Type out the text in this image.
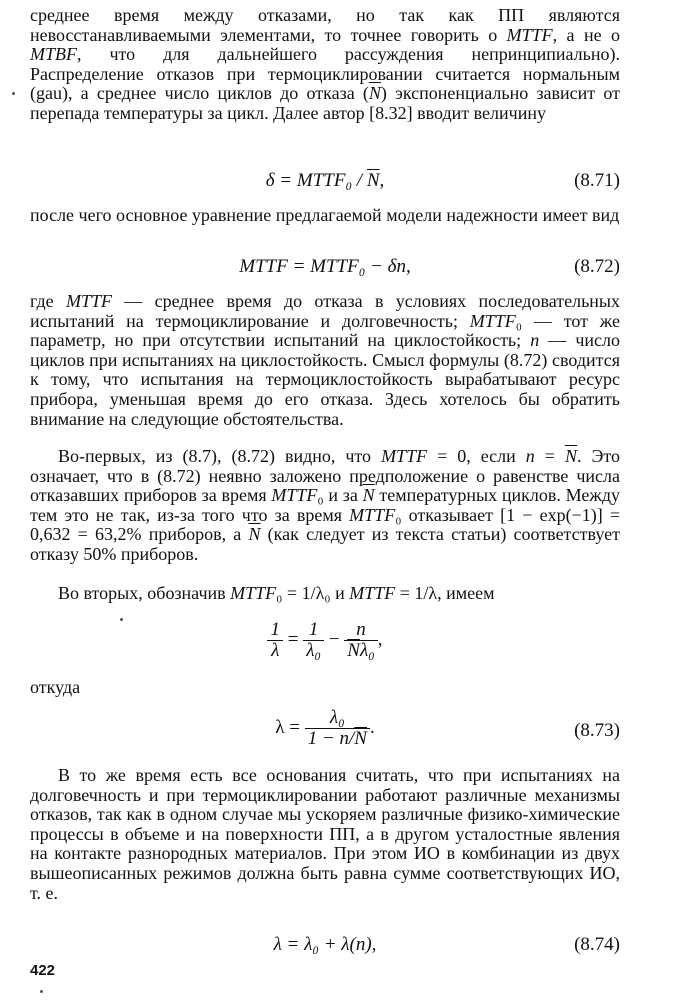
среднее время между отказами, но так как ПП являются невосстанавливаемыми элементами, то точнее говорить о MTTF, а не о MTBF, что для дальнейшего рассуждения непринципиально). Распределение отказов при термоциклировании считается нормальным (gau), а среднее число циклов до отказа $(\overline{N})$ экспоненциально зависит от перепада температуры за цикл. Далее автор [8.32] вводит величину

δ = MTTF₀ / $\overline{N}$,	(8.71)

после чего основное уравнение предлагаемой модели надежности имеет вид

MTTF = MTTF₀ − δn,	(8.72)

где MTTF — среднее время до отказа в условиях последовательных испытаний на термоциклирование и долговечность; MTTF₀ — тот же параметр, но при отсутствии испытаний на циклостойкость; n — число циклов при испытаниях на циклостойкость. Смысл формулы (8.72) сводится к тому, что испытания на термоциклостойкость вырабатывают ресурс прибора, уменьшая время до его отказа. Здесь хотелось бы обратить внимание на следующие обстоятельства.

Во-первых, из (8.7), (8.72) видно, что MTTF = 0, если $n = \overline{N}$. Это означает, что в (8.72) неявно заложено предположение о равенстве числа отказавших приборов за время MTTF₀ и за $\overline{N}$ температурных циклов. Между тем это не так, из-за того что за время MTTF₀ отказывает [1 − exp(−1)] = 0,632 = 63,2% приборов, а $\overline{N}$ (как следует из текста статьи) соответствует отказу 50% приборов.

Во вторых, обозначив MTTF₀ = 1/λ₀ и MTTF = 1/λ, имеем

$\frac{1}{\lambda} = \frac{1}{\text{λ₀}} - \frac{n}{\overline{N}\lambda_0}$ ,

откуда

$\lambda = \frac{\text{λ₀}}{1 - n/\overline{N}}$ .	(8.73)

В то же время есть все основания считать, что при испытаниях на долговечность и при термоциклировании работают различные механизмы отказов, так как в одном случае мы ускоряем различные физико-химические процессы в объеме и на поверхности ПП, а в другом усталостные явления на контакте разнородных материалов. При этом ИО в комбинации из двух вышеописанных режимов должна быть равна сумме соответствующих ИО, т. е.

λ = λ₀ + λ(n),	(8.74)
422
